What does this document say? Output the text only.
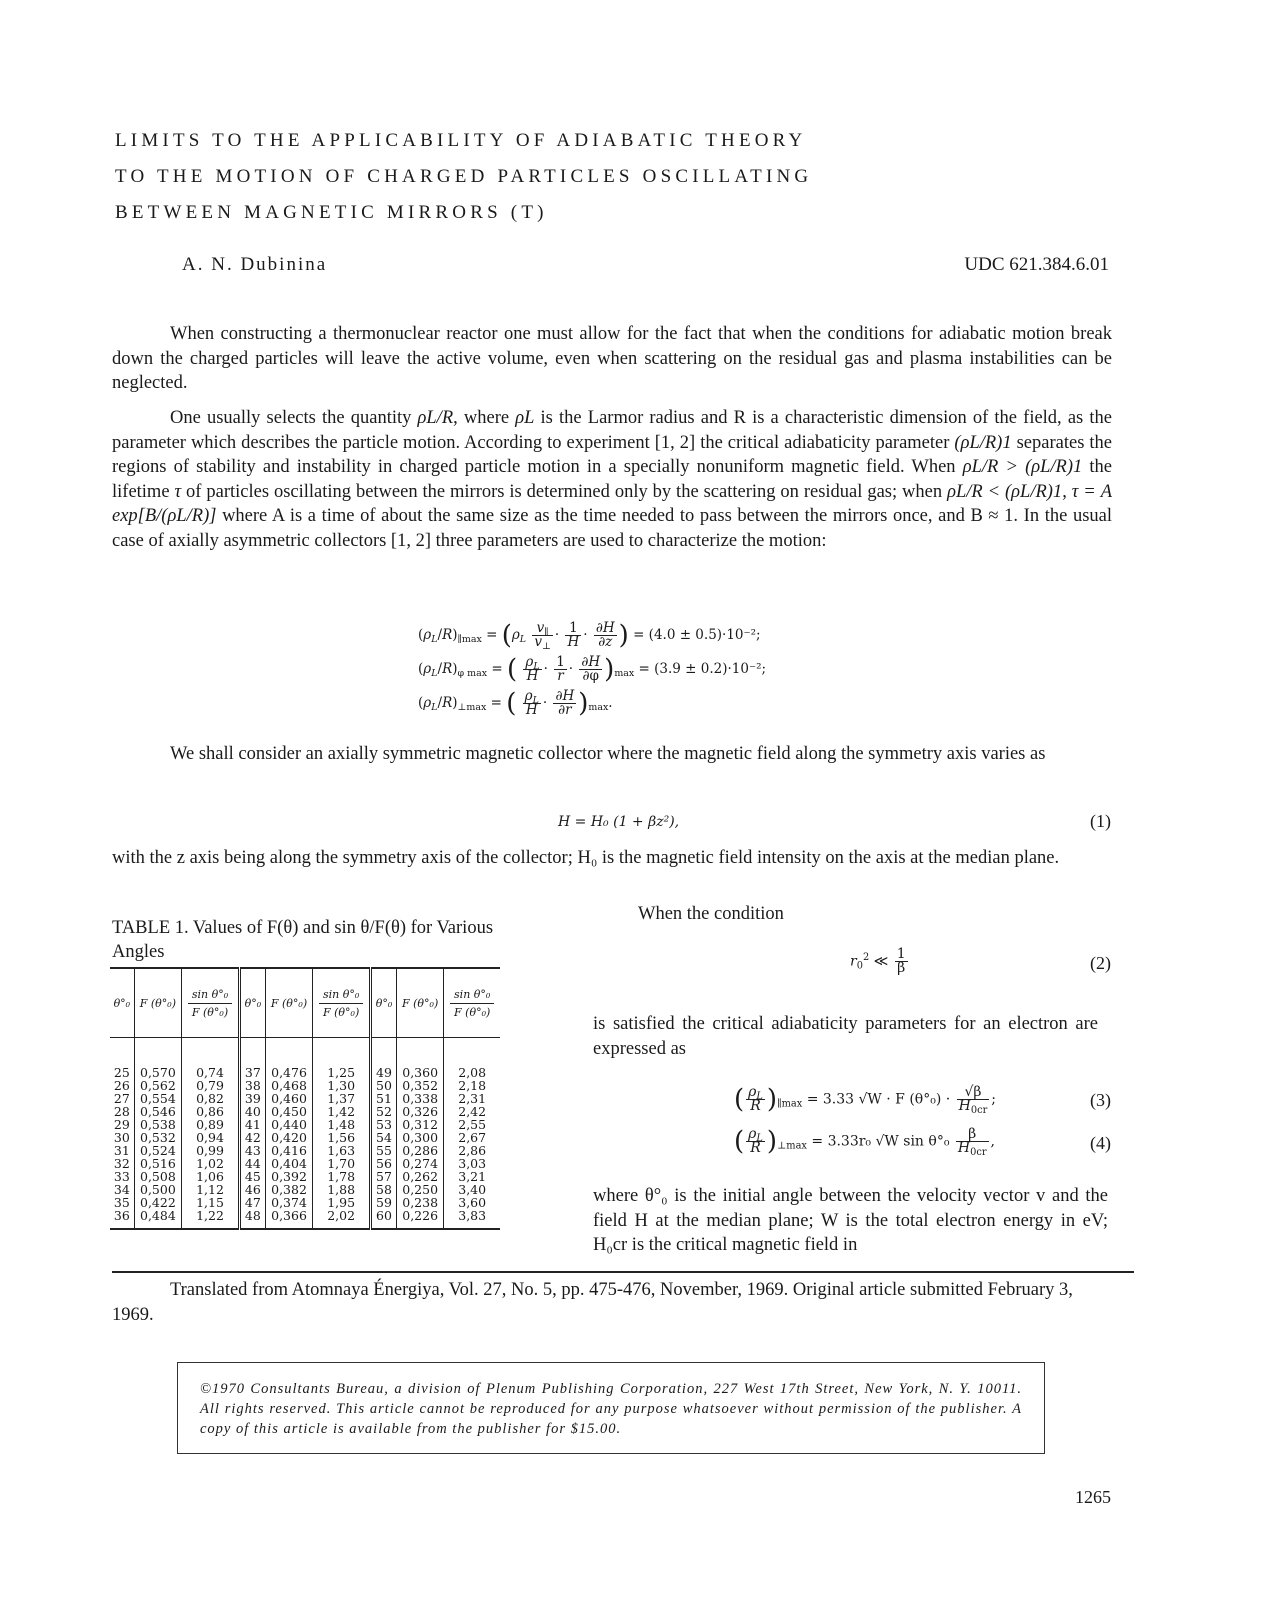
LIMITS TO THE APPLICABILITY OF ADIABATIC THEORY
TO THE MOTION OF CHARGED PARTICLES OSCILLATING
BETWEEN MAGNETIC MIRRORS (T)
A. N. Dubinina	UDC 621.384.6.01

When constructing a thermonuclear reactor one must allow for the fact that when the conditions for adiabatic motion break down the charged particles will leave the active volume, even when scattering on the residual gas and plasma instabilities can be neglected.

One usually selects the quantity ρL/R, where ρL is the Larmor radius and R is a characteristic dimension of the field, as the parameter which describes the particle motion. According to experiment [1, 2] the critical adiabaticity parameter (ρL/R)1 separates the regions of stability and instability in charged particle motion in a specially nonuniform magnetic field. When ρL/R > (ρL/R)1 the lifetime τ of particles oscillating between the mirrors is determined only by the scattering on residual gas; when ρL/R < (ρL/R)1, τ = A exp[B/(ρL/R)] where A is a time of about the same size as the time needed to pass between the mirrors once, and B ≈ 1. In the usual case of axially asymmetric collectors [1, 2] three parameters are used to characterize the motion:

$(\rho_L/R)_{\parallel max} = (\rho_L \frac{v_\parallel}{v_\perp} \cdot \frac{1}{H} \cdot \frac{\partial H}{\partial z}$ ) = (4.0 ± 0.5)·10⁻²;
$(\rho_L/R)_{\varphi max}$ = ( $\frac{\rho_L}{H} \cdot \frac{1}{r} \cdot \frac{\partial H}{\partial\varphi} )_{max} = (3.9 \pm 0.2)\cdot 10^{-2}$;
$(\rho_L/R)_{\perp max}$ = ( $\frac{\rho_L}{H} \cdot \frac{\partial H}{\partial r} )_{max}$.

We shall consider an axially symmetric magnetic collector where the magnetic field along the symmetry axis varies as

H = H₀ (1 + βz²),	(1)

with the z axis being along the symmetry axis of the collector; H₀ is the magnetic field intensity on the axis at the median plane.

TABLE 1. Values of F(θ) and sin θ/F(θ) for Various Angles
θ°₀	F (θ°₀)	$\frac{\text{sin θ°₀}}{\text{F (θ°₀)}}$	θ°₀	F (θ°₀)	$\frac{\text{sin θ°₀}}{\text{F (θ°₀)}}$	θ°₀	F (θ°₀)	$\frac{\text{sin θ°₀}}{\text{F (θ°₀)}}$

25	0,570	0,74	37	0,476	1,25	49	0,360	2,08
26	0,562	0,79	38	0,468	1,30	50	0,352	2,18
27	0,554	0,82	39	0,460	1,37	51	0,338	2,31
28	0,546	0,86	40	0,450	1,42	52	0,326	2,42
29	0,538	0,89	41	0,440	1,48	53	0,312	2,55
30	0,532	0,94	42	0,420	1,56	54	0,300	2,67
31	0,524	0,99	43	0,416	1,63	55	0,286	2,86
32	0,516	1,02	44	0,404	1,70	56	0,274	3,03
33	0,508	1,06	45	0,392	1,78	57	0,262	3,21
34	0,500	1,12	46	0,382	1,88	58	0,250	3,40
35	0,422	1,15	47	0,374	1,95	59	0,238	3,60
36	0,484	1,22	48	0,366	2,02	60	0,226	3,83
When the condition
$r_0^2$ ≪ $\frac{1}{\beta}$	(2)

is satisfied the critical adiabaticity parameters for an electron are expressed as

( $\frac{\rho_L}{R} )_{\parallel max} = 3.33$ √W · F $(\theta^\circ_0) \cdot \frac{√\beta}{H_{0cr}}$ ;	(3)
( $\frac{\rho_L}{R} )_{\perp max} = 3.33r_0$ √W $\sin \theta^\circ_0 \frac{\beta}{H_{0cr}}$ ,	(4)

where θ°₀ is the initial angle between the velocity vector v and the field H at the median plane; W is the total electron energy in eV; H₀cr is the critical magnetic field in

Translated from Atomnaya Énergiya, Vol. 27, No. 5, pp. 475-476, November, 1969. Original article submitted February 3, 1969.

©1970 Consultants Bureau, a division of Plenum Publishing Corporation, 227 West 17th Street, New York, N. Y. 10011. All rights reserved. This article cannot be reproduced for any purpose whatsoever without permission of the publisher. A copy of this article is available from the publisher for $15.00.
1265
